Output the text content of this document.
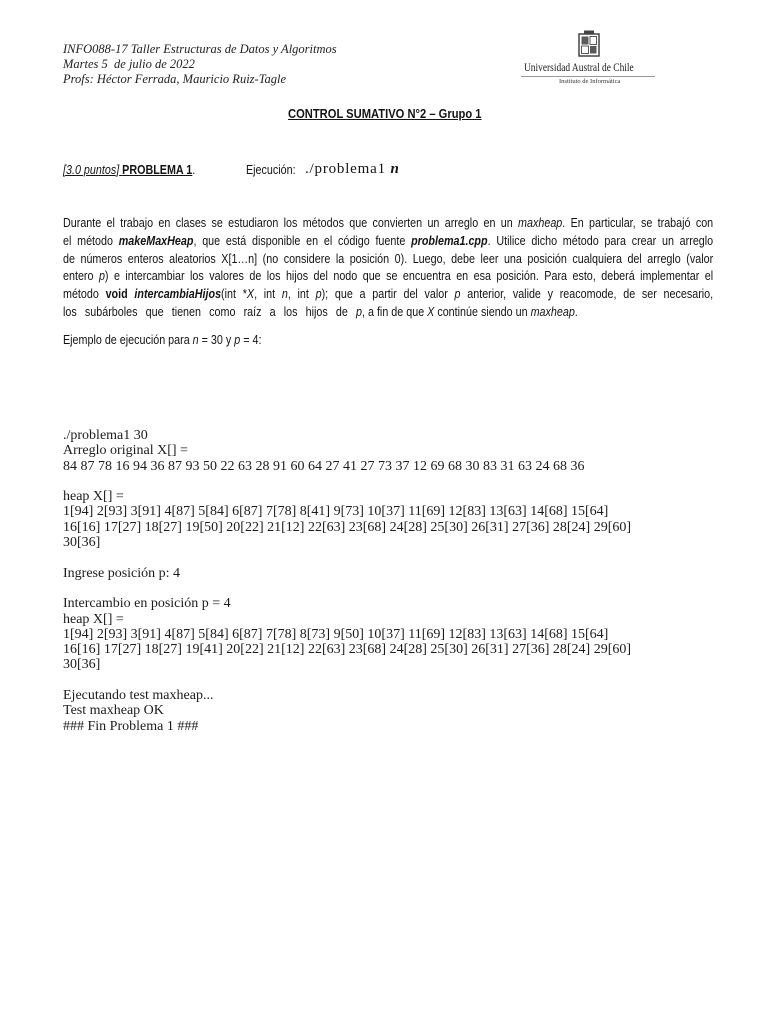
INFO088-17 Taller Estructuras de Datos y Algoritmos
Martes 5  de julio de 2022
Profs: Héctor Ferrada, Mauricio Ruiz-Tagle
Universidad Austral de Chile
Instituto de Informática
CONTROL SUMATIVO N°2 – Grupo 1
[3.0 puntos] PROBLEMA 1.	Ejecución: ./problema1 n
Durante el trabajo en clases se estudiaron los métodos que convierten un arreglo en un maxheap. En particular, se trabajó con
el método makeMaxHeap, que está disponible en el código fuente problema1.cpp. Utilice dicho método para crear un arreglo
de números enteros aleatorios X[1…n] (no considere la posición 0). Luego, debe leer una posición cualquiera del arreglo (valor
entero p) e intercambiar los valores de los hijos del nodo que se encuentra en esa posición. Para esto, deberá implementar el
método void intercambiaHijos(int *X, int n, int p); que a partir del valor p anterior, valide y reacomode, de ser necesario,
los subárboles que tienen como raíz a los hijos de p, a fin de que X continúe siendo un maxheap.
Ejemplo de ejecución para n = 30 y p = 4:
./problema1 30
Arreglo original X[] =
84 87 78 16 94 36 87 93 50 22 63 28 91 60 64 27 41 27 73 37 12 69 68 30 83 31 63 24 68 36
heap X[] =
1[94] 2[93] 3[91] 4[87] 5[84] 6[87] 7[78] 8[41] 9[73] 10[37] 11[69] 12[83] 13[63] 14[68] 15[64]
16[16] 17[27] 18[27] 19[50] 20[22] 21[12] 22[63] 23[68] 24[28] 25[30] 26[31] 27[36] 28[24] 29[60]
30[36]
Ingrese posición p: 4
Intercambio en posición p = 4
heap X[] =
1[94] 2[93] 3[91] 4[87] 5[84] 6[87] 7[78] 8[73] 9[50] 10[37] 11[69] 12[83] 13[63] 14[68] 15[64]
16[16] 17[27] 18[27] 19[41] 20[22] 21[12] 22[63] 23[68] 24[28] 25[30] 26[31] 27[36] 28[24] 29[60]
30[36]
Ejecutando test maxheap...
Test maxheap OK
### Fin Problema 1 ###
